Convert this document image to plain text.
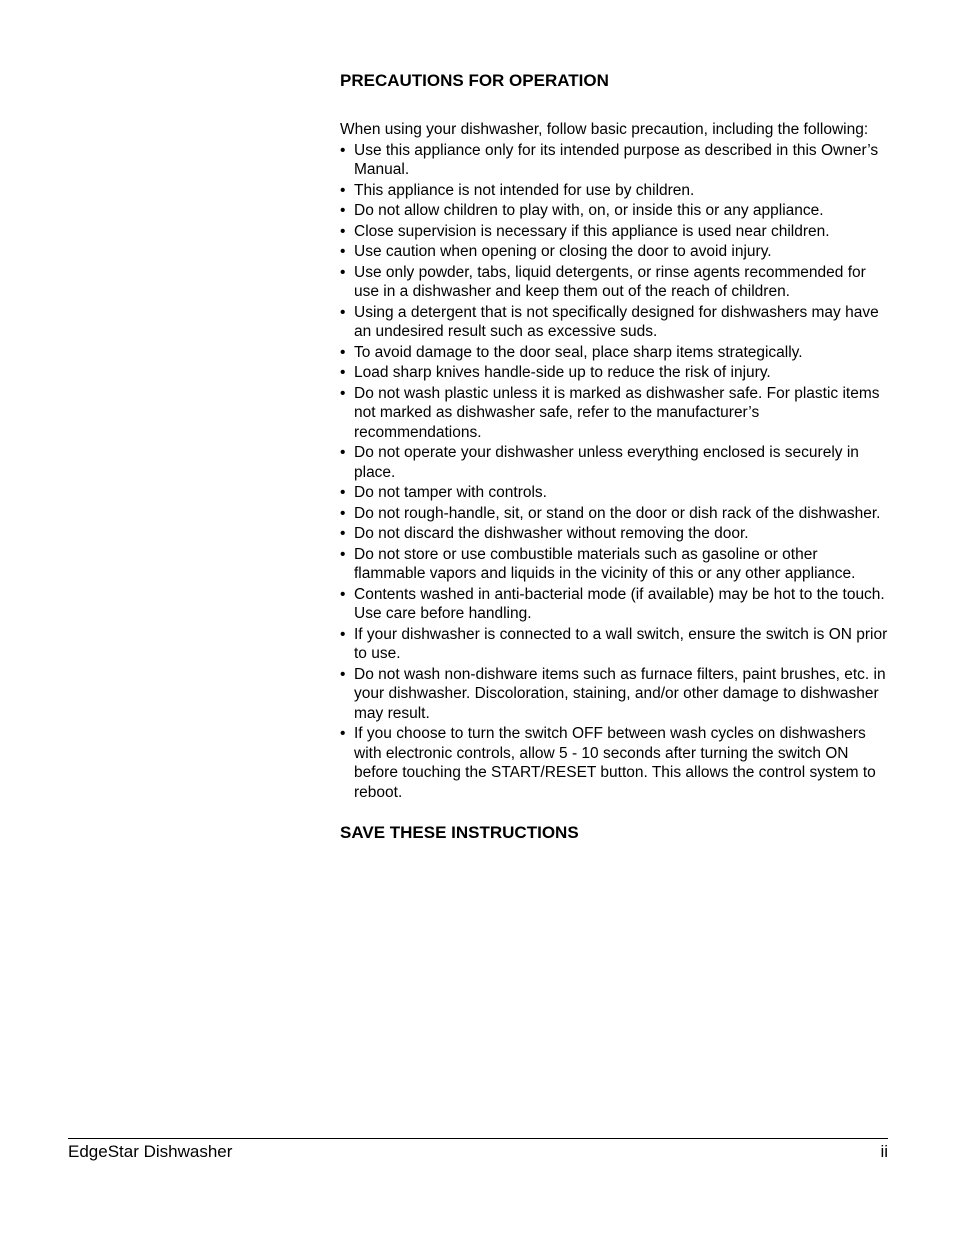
PRECAUTIONS FOR OPERATION

When using your dishwasher, follow basic precaution, including the following:

• Use this appliance only for its intended purpose as described in this Owner’s Manual.
• This appliance is not intended for use by children.
• Do not allow children to play with, on, or inside this or any appliance.
• Close supervision is necessary if this appliance is used near children.
• Use caution when opening or closing the door to avoid injury.
• Use only powder, tabs, liquid detergents, or rinse agents recommended for use in a dishwasher and keep them out of the reach of children.
• Using a detergent that is not specifically designed for dishwashers may have an undesired result such as excessive suds.
• To avoid damage to the door seal, place sharp items strategically.
• Load sharp knives handle-side up to reduce the risk of injury.
• Do not wash plastic unless it is marked as dishwasher safe. For plastic items not marked as dishwasher safe, refer to the manufacturer’s recommendations.
• Do not operate your dishwasher unless everything enclosed is securely in place.
• Do not tamper with controls.
• Do not rough-handle, sit, or stand on the door or dish rack of the dishwasher.
• Do not discard the dishwasher without removing the door.
• Do not store or use combustible materials such as gasoline or other flammable vapors and liquids in the vicinity of this or any other appliance.
• Contents washed in anti-bacterial mode (if available) may be hot to the touch. Use care before handling.
• If your dishwasher is connected to a wall switch, ensure the switch is ON prior to use.
• Do not wash non-dishware items such as furnace filters, paint brushes, etc. in your dishwasher. Discoloration, staining, and/or other damage to dishwasher may result.
• If you choose to turn the switch OFF between wash cycles on dishwashers with electronic controls, allow 5 - 10 seconds after turning the switch ON before touching the START/RESET button. This allows the control system to reboot.
SAVE THESE INSTRUCTIONS
EdgeStar Dishwasher	ii
